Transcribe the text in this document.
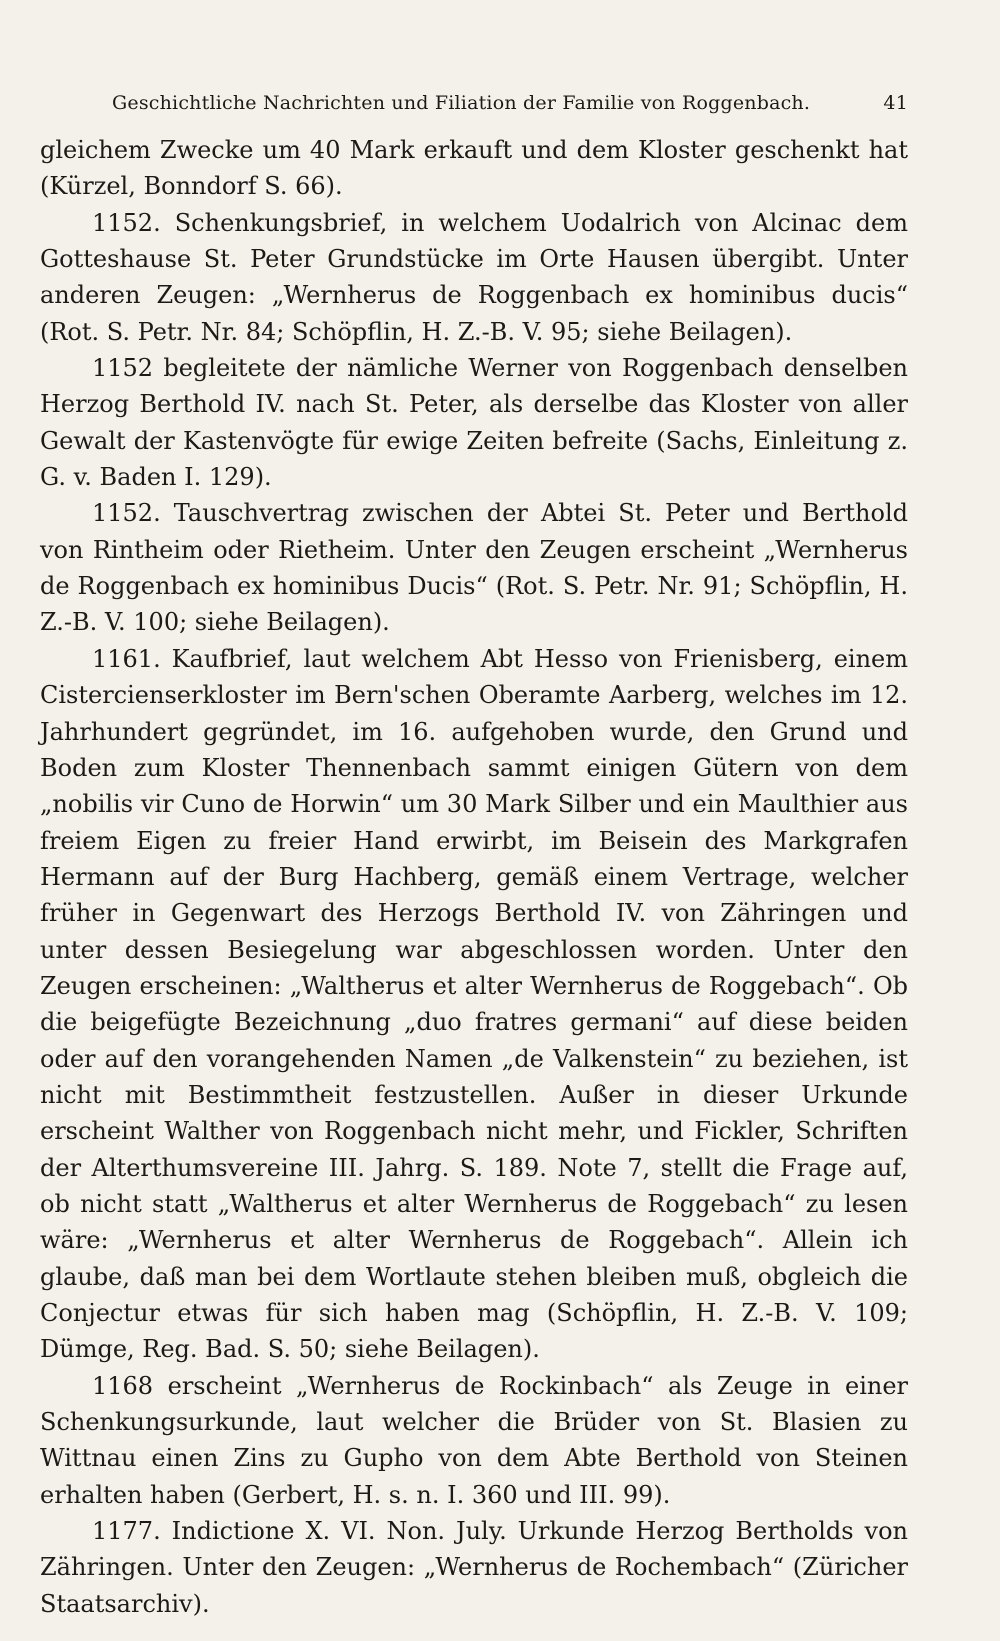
Geschichtliche Nachrichten und Filiation der Familie von Roggenbach.	41

gleichem Zwecke um 40 Mark erkauft und dem Kloster geschenkt hat (Kürzel, Bonndorf S. 66).

1152. Schenkungsbrief, in welchem Uodalrich von Alcinac dem Gotteshause St. Peter Grundstücke im Orte Hausen übergibt. Unter anderen Zeugen: „Wernherus de Roggenbach ex hominibus ducis“ (Rot. S. Petr. Nr. 84; Schöpflin, H. Z.-B. V. 95; siehe Beilagen).

1152 begleitete der nämliche Werner von Roggenbach denselben Herzog Berthold IV. nach St. Peter, als derselbe das Kloster von aller Gewalt der Kastenvögte für ewige Zeiten befreite (Sachs, Einleitung z. G. v. Baden I. 129).

1152. Tauschvertrag zwischen der Abtei St. Peter und Berthold von Rintheim oder Rietheim. Unter den Zeugen erscheint „Wernherus de Roggenbach ex hominibus Ducis“ (Rot. S. Petr. Nr. 91; Schöpflin, H. Z.-B. V. 100; siehe Beilagen).

1161. Kaufbrief, laut welchem Abt Hesso von Frienisberg, einem Cistercienserkloster im Bern'schen Oberamte Aarberg, welches im 12. Jahrhundert gegründet, im 16. aufgehoben wurde, den Grund und Boden zum Kloster Thennenbach sammt einigen Gütern von dem „nobilis vir Cuno de Horwin“ um 30 Mark Silber und ein Maulthier aus freiem Eigen zu freier Hand erwirbt, im Beisein des Markgrafen Hermann auf der Burg Hachberg, gemäß einem Vertrage, welcher früher in Gegenwart des Herzogs Berthold IV. von Zähringen und unter dessen Besiegelung war abgeschlossen worden. Unter den Zeugen erscheinen: „Waltherus et alter Wernherus de Roggebach“. Ob die beigefügte Bezeichnung „duo fratres germani“ auf diese beiden oder auf den vorangehenden Namen „de Valkenstein“ zu beziehen, ist nicht mit Bestimmtheit festzustellen. Außer in dieser Urkunde erscheint Walther von Roggenbach nicht mehr, und Fickler, Schriften der Alterthumsvereine III. Jahrg. S. 189. Note 7, stellt die Frage auf, ob nicht statt „Waltherus et alter Wernherus de Roggebach“ zu lesen wäre: „Wernherus et alter Wernherus de Roggebach“. Allein ich glaube, daß man bei dem Wortlaute stehen bleiben muß, obgleich die Conjectur etwas für sich haben mag (Schöpflin, H. Z.-B. V. 109; Dümge, Reg. Bad. S. 50; siehe Beilagen).

1168 erscheint „Wernherus de Rockinbach“ als Zeuge in einer Schenkungsurkunde, laut welcher die Brüder von St. Blasien zu Wittnau einen Zins zu Gupho von dem Abte Berthold von Steinen erhalten haben (Gerbert, H. s. n. I. 360 und III. 99).

1177. Indictione X. VI. Non. July. Urkunde Herzog Bertholds von Zähringen. Unter den Zeugen: „Wernherus de Rochembach“ (Züricher Staatsarchiv).
